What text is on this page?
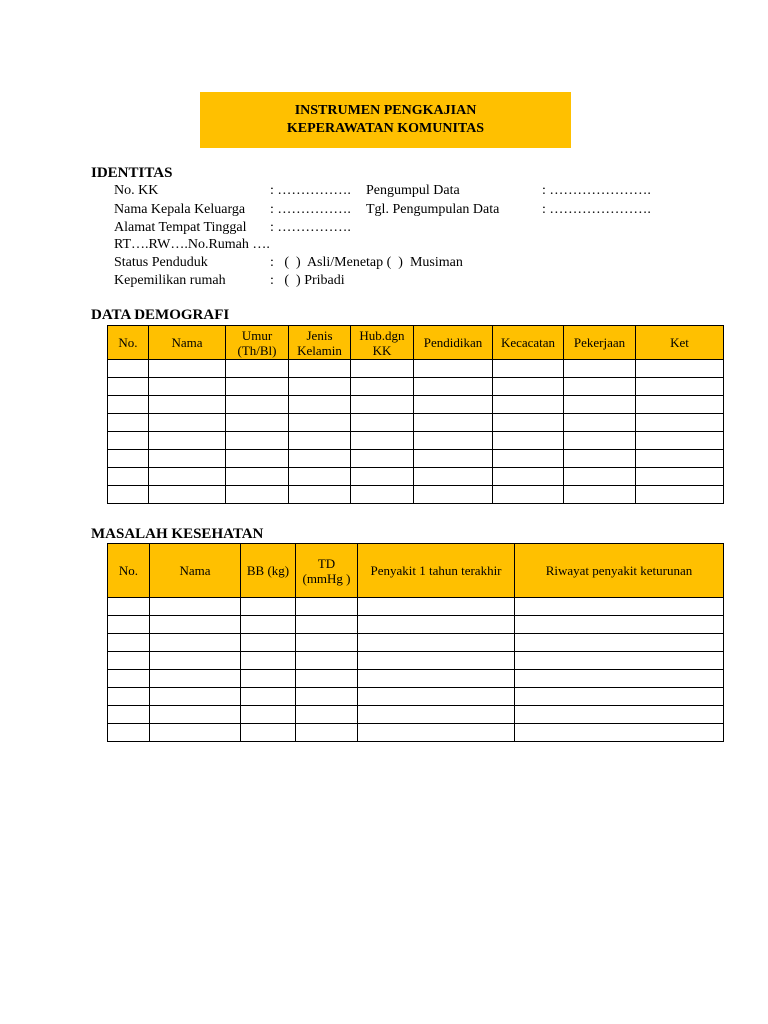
INSTRUMEN PENGKAJIAN
KEPERAWATAN KOMUNITAS
IDENTITAS
No. KK	: ……………. Pengumpul Data	: ………………….
Nama Kepala Keluarga : ……………. Tgl. Pengumpulan Data	: ………………….
Alamat Tempat Tinggal : …………….
RT….RW….No.Rumah ….
Status Penduduk	:   (  )  Asli/Menetap (  )  Musiman
Kepemilikan rumah	:   (  ) Pribadi
DATA DEMOGRAFI
No.	Nama	Umur (Th/Bl)	Jenis Kelamin	Hub.dgn KK	Pendidikan	Kecacatan	Pekerjaan	Ket

MASALAH KESEHATAN
No.	Nama	BB (kg)	TD (mmHg )	Penyakit 1 tahun terakhir	Riwayat penyakit keturunan
